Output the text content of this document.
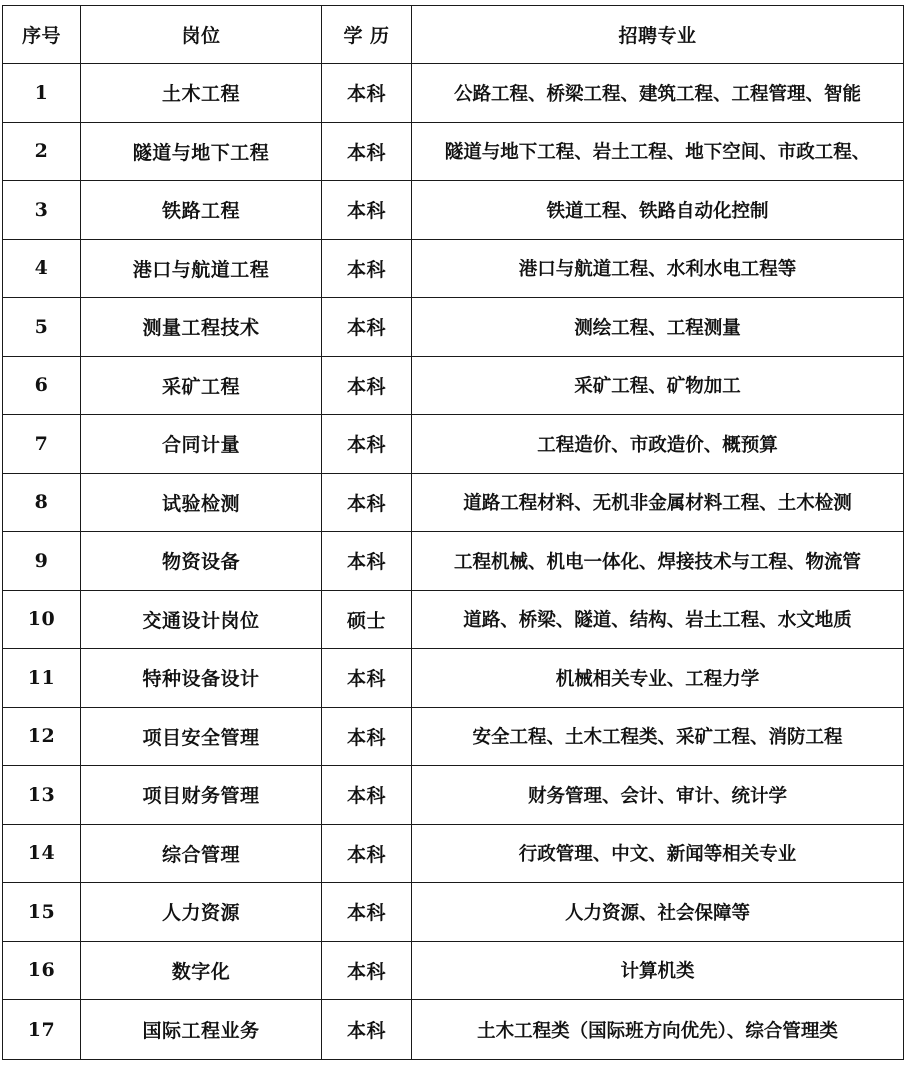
序号	岗位	学 历	招聘专业
1	土木工程	本科	公路工程、桥梁工程、建筑工程、工程管理、智能
2	隧道与地下工程	本科	隧道与地下工程、岩土工程、地下空间、市政工程、
3	铁路工程	本科	铁道工程、铁路自动化控制
4	港口与航道工程	本科	港口与航道工程、水利水电工程等
5	测量工程技术	本科	测绘工程、工程测量
6	采矿工程	本科	采矿工程、矿物加工
7	合同计量	本科	工程造价、市政造价、概预算
8	试验检测	本科	道路工程材料、无机非金属材料工程、土木检测
9	物资设备	本科	工程机械、机电一体化、焊接技术与工程、物流管
10	交通设计岗位	硕士	道路、桥梁、隧道、结构、岩土工程、水文地质
11	特种设备设计	本科	机械相关专业、工程力学
12	项目安全管理	本科	安全工程、土木工程类、采矿工程、消防工程
13	项目财务管理	本科	财务管理、会计、审计、统计学
14	综合管理	本科	行政管理、中文、新闻等相关专业
15	人力资源	本科	人力资源、社会保障等
16	数字化	本科	计算机类
17	国际工程业务	本科	土木工程类（国际班方向优先）、综合管理类
